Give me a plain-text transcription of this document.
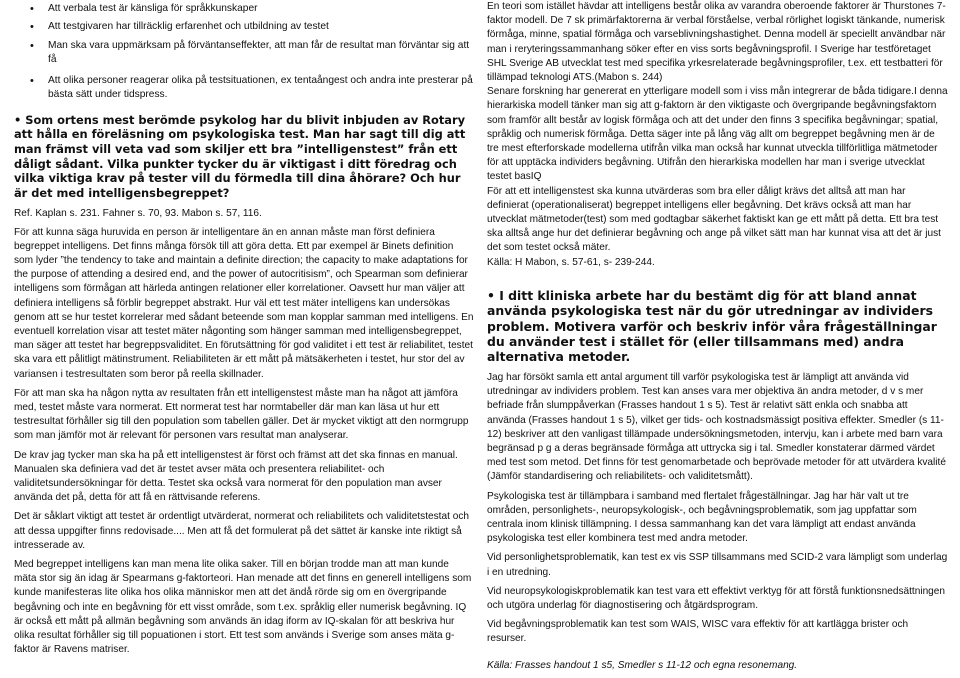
• Att verbala test är känsliga för språkkunskaper
• Att testgivaren har tillräcklig erfarenhet och utbildning av testet
• Man ska vara uppmärksam på förväntanseffekter, att man får de resultat man förväntar sig att få
• Att olika personer reagerar olika på testsituationen, ex tentaångest och andra inte presterar på bästa sätt under tidspress.

• Som ortens mest berömde psykolog har du blivit inbjuden av Rotary att hålla en föreläsning om psykologiska test. Man har sagt till dig att man främst vill veta vad som skiljer ett bra ”intelligenstest” från ett dåligt sådant. Vilka punkter tycker du är viktigast i ditt föredrag och vilka viktiga krav på tester vill du förmedla till dina åhörare? Och hur är det med intelligensbegreppet?

Ref. Kaplan s. 231. Fahner s. 70, 93. Mabon s. 57, 116.

För att kunna säga huruvida en person är intelligentare än en annan måste man först definiera begreppet intelligens. Det finns många försök till att göra detta. Ett par exempel är Binets definition som lyder ”the tendency to take and maintain a definite direction; the capacity to make adaptations for the purpose of attending a desired end, and the power of autocritisism”, och Spearman som definierar intelligens som förmågan att härleda antingen relationer eller korrelationer. Oavsett hur man väljer att definiera intelligens så förblir begreppet abstrakt. Hur väl ett test mäter intelligens kan undersökas genom att se hur testet korrelerar med sådant beteende som man kopplar samman med intelligens. En eventuell korrelation visar att testet mäter någonting som hänger samman med intelligensbegreppet, man säger att testet har begreppsvaliditet. En förutsättning för god validitet i ett test är reliabilitet, testet ska vara ett pålitligt mätinstrument. Reliabiliteten är ett mått på mätsäkerheten i testet, hur stor del av variansen i testresultaten som beror på reella skillnader.

För att man ska ha någon nytta av resultaten från ett intelligenstest måste man ha något att jämföra med, testet måste vara normerat. Ett normerat test har normtabeller där man kan läsa ut hur ett testresultat förhåller sig till den population som tabellen gäller. Det är mycket viktigt att den normgrupp som man jämför mot är relevant för personen vars resultat man analyserar.

De krav jag tycker man ska ha på ett intelligenstest är först och främst att det ska finnas en manual. Manualen ska definiera vad det är testet avser mäta och presentera reliabilitet- och validitetsundersökningar för detta. Testet ska också vara normerat för den population man avser använda det på, detta för att få en rättvisande referens.

Det är såklart viktigt att testet är ordentligt utvärderat, normerat och reliabilitets och validitetstestat och att dessa uppgifter finns redovisade.... Men att få det formulerat på det sättet är kanske inte riktigt så intresserade av.

Med begreppet intelligens kan man mena lite olika saker. Till en början trodde man att man kunde mäta stor sig än idag är Spearmans g-faktorteori. Han menade att det finns en generell intelligens som kunde manifesteras lite olika hos olika människor men att det ändå rörde sig om en övergripande begåvning och inte en begåvning för ett visst område, som t.ex. språklig eller numerisk begåvning. IQ är också ett mått på allmän begåvning som används än idag iform av IQ-skalan för att beskriva hur olika resultat förhåller sig till popuationen i stort. Ett test som används i Sverige som anses mäta g-faktor är Ravens matriser.

En teori som istället hävdar att intelligens består olika av varandra oberoende faktorer är Thurstones 7-faktor modell. De 7 sk primärfaktorerna är verbal förståelse, verbal rörlighet logiskt tänkande, numerisk förmåga, minne, spatial förmåga och varseblivningshastighet. Denna modell är speciellt användbar när man i reryteringssammanhang söker efter en viss sorts begåvningsprofil. I Sverige har testföretaget SHL Sverige AB utvecklat test med specifika yrkesrelaterade begåvningsprofiler, t.ex. ett testbatteri för tillämpad teknologi ATS.(Mabon s. 244)

Senare forskning har genererat en ytterligare modell som i viss mån integrerar de båda tidigare.I denna hierarkiska modell tänker man sig att g-faktorn är den viktigaste och övergripande begåvningsfaktorn som framför allt består av logisk förmåga och att det under den finns 3 specifika begåvningar; spatial, språklig och numerisk förmåga. Detta säger inte på lång väg allt om begreppet begåvning men är de tre mest efterforskade modellerna utifrån vilka man också har kunnat utveckla tillförlitliga mätmetoder för att upptäcka individers begåvning. Utifrån den hierarkiska modellen har man i sverige utvecklat testet basIQ

För att ett intelligenstest ska kunna utvärderas som bra eller dåligt krävs det alltså att man har definierat (operationaliserat) begreppet intelligens eller begåvning. Det krävs också att man har utvecklat mätmetoder(test) som med godtagbar säkerhet faktiskt kan ge ett mått på detta. Ett bra test ska alltså ange hur det definierar begåvning och ange på vilket sätt man har kunnat visa att det är just det som testet också mäter.

Källa: H Mabon, s. 57-61, s- 239-244.

• I ditt kliniska arbete har du bestämt dig för att bland annat använda psykologiska test när du gör utredningar av individers problem. Motivera varför och beskriv inför våra frågeställningar du använder test i stället för (eller tillsammans med) andra alternativa metoder.

Jag har försökt samla ett antal argument till varför psykologiska test är lämpligt att använda vid utredningar av individers problem. Test kan anses vara mer objektiva än andra metoder, d v s mer befriade från slumppåverkan (Frasses handout 1 s 5). Test är relativt sätt enkla och snabba att använda (Frasses handout 1 s 5), vilket ger tids- och kostnadsmässigt positiva effekter. Smedler (s 11-12) beskriver att den vanligast tillämpade undersökningsmetoden, intervju, kan i arbete med barn vara begränsad p g a deras begränsade förmåga att uttrycka sig i tal. Smedler konstaterar därmed värdet med test som metod. Det finns för test genomarbetade och beprövade metoder för att utvärdera kvalité (Jämför standardisering och reliabilitets- och validitetsmått).

Psykologiska test är tillämpbara i samband med flertalet frågeställningar. Jag har här valt ut tre områden, personlighets-, neuropsykologisk-, och begåvningsproblematik, som jag uppfattar som centrala inom klinisk tillämpning. I dessa sammanhang kan det vara lämpligt att endast använda psykologiska test eller kombinera test med andra metoder.

Vid personlighetsproblematik, kan test ex vis SSP tillsammans med SCID-2 vara lämpligt som underlag i en utredning.

Vid neuropsykologiskproblematik kan test vara ett effektivt verktyg för att förstå funktionsnedsättningen och utgöra underlag för diagnostisering och åtgärdsprogram.

Vid begåvningsproblematik kan test som WAIS, WISC vara effektiv för att kartlägga brister och resurser.

Källa: Frasses handout 1 s5, Smedler s 11-12 och egna resonemang.
